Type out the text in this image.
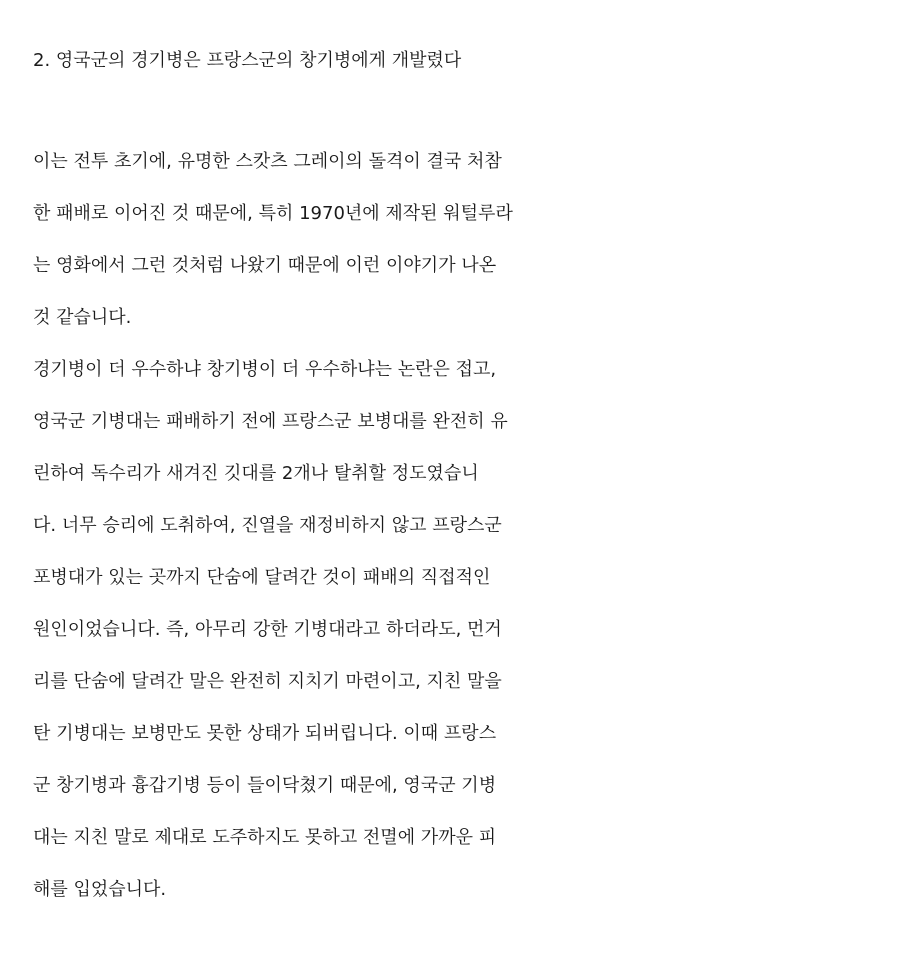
2. 영국군의 경기병은 프랑스군의 창기병에게 개발렸다

이는 전투 초기에, 유명한 스캇츠 그레이의 돌격이 결국 처참

한 패배로 이어진 것 때문에, 특히 1970년에 제작된 워털루라

는 영화에서 그런 것처럼 나왔기 때문에 이런 이야기가 나온

것 같습니다.

경기병이 더 우수하냐 창기병이 더 우수하냐는 논란은 접고,

영국군 기병대는 패배하기 전에 프랑스군 보병대를 완전히 유

린하여 독수리가 새겨진 깃대를 2개나 탈취할 정도였습니

다. 너무 승리에 도취하여, 진열을 재정비하지 않고 프랑스군

포병대가 있는 곳까지 단숨에 달려간 것이 패배의 직접적인

원인이었습니다. 즉, 아무리 강한 기병대라고 하더라도, 먼거

리를 단숨에 달려간 말은 완전히 지치기 마련이고, 지친 말을

탄 기병대는 보병만도 못한 상태가 되버립니다. 이때 프랑스

군 창기병과 흉갑기병 등이 들이닥쳤기 때문에, 영국군 기병

대는 지친 말로 제대로 도주하지도 못하고 전멸에 가까운 피

해를 입었습니다.
